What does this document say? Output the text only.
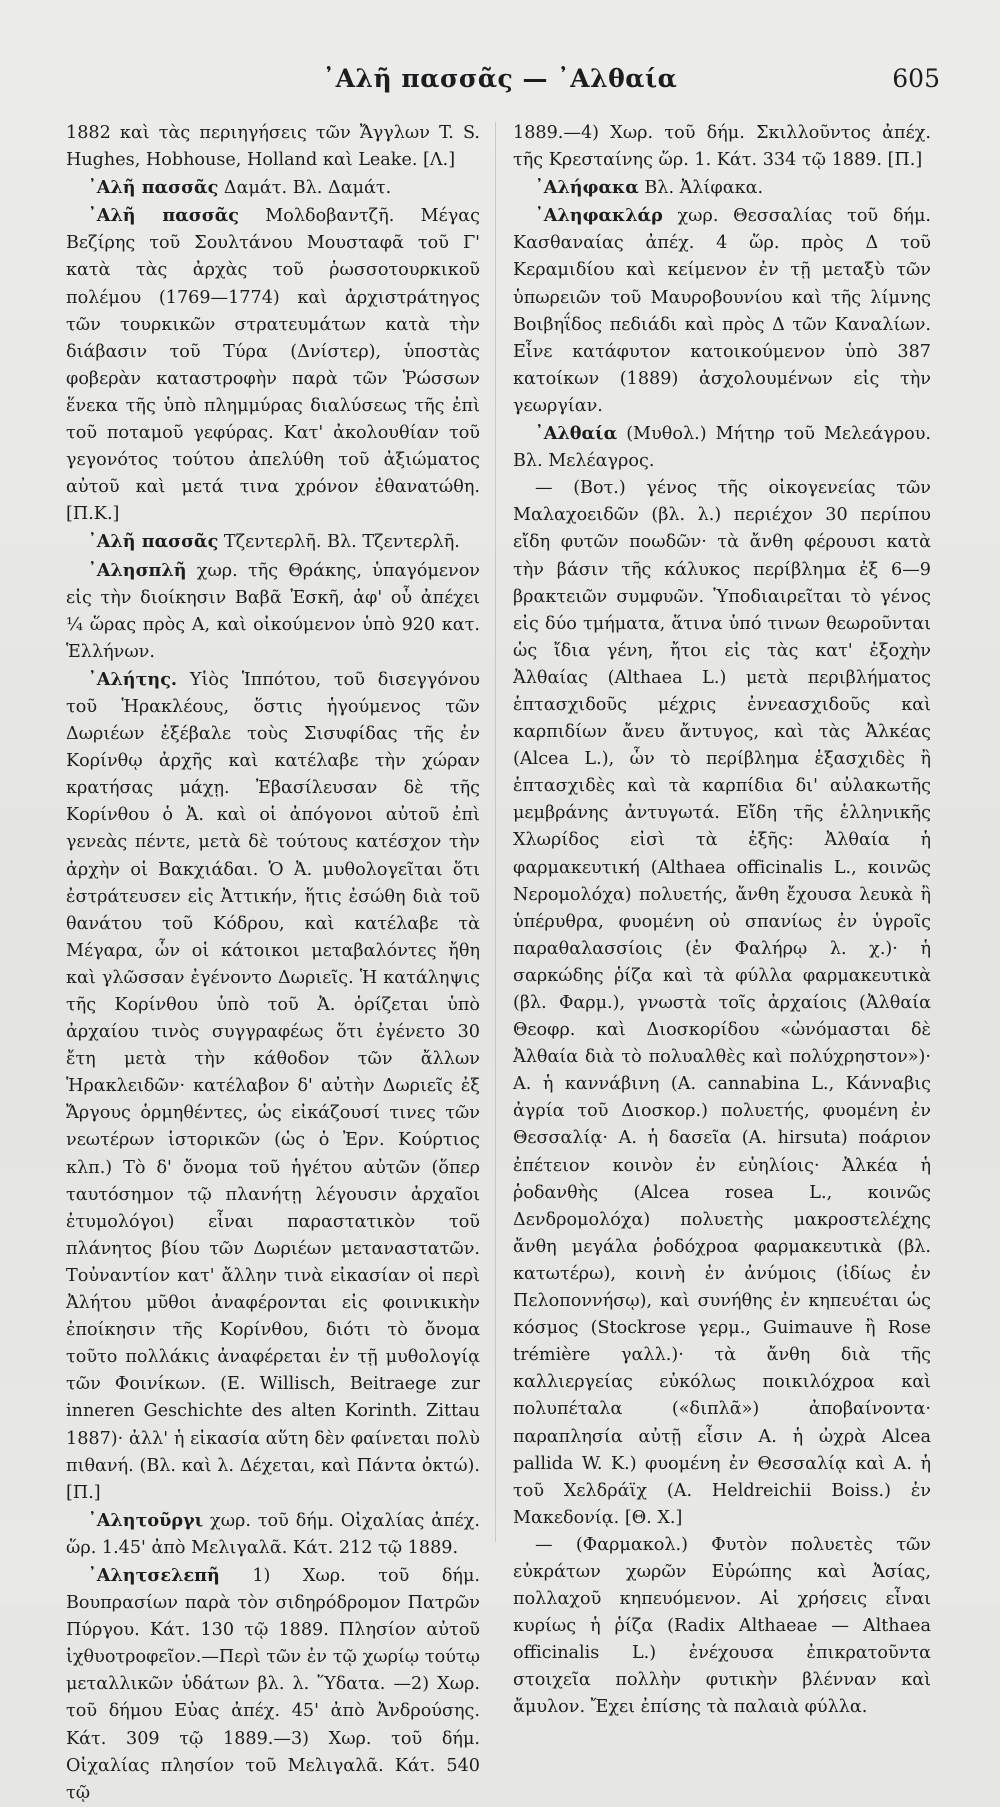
᾿Αλῆ πασσᾶς — ᾿Αλθαία	605

1882 καὶ τὰς περιηγήσεις τῶν Ἄγγλων T. S. Hughes, Hobhouse, Holland καὶ Leake. [Λ.]

᾿Αλῆ πασσᾶς Δαμάτ. Βλ. Δαμάτ.

᾿Αλῆ πασσᾶς Μολδοβαντζῆ. Μέγας Βεζίρης τοῦ Σουλτάνου Μουσταφᾶ τοῦ Γ' κατὰ τὰς ἀρχὰς τοῦ ῥωσσοτουρκικοῦ πολέμου (1769—1774) καὶ ἀρχιστράτηγος τῶν τουρκικῶν στρατευμάτων κατὰ τὴν διάβασιν τοῦ Τύρα (Δνίστερ), ὑποστὰς φοβερὰν καταστροφὴν παρὰ τῶν Ῥώσσων ἕνεκα τῆς ὑπὸ πλημμύρας διαλύσεως τῆς ἐπὶ τοῦ ποταμοῦ γεφύρας. Κατ' ἀκολουθίαν τοῦ γεγονότος τούτου ἀπελύθη τοῦ ἀξιώματος αὐτοῦ καὶ μετά τινα χρόνον ἐθανατώθη. [Π.Κ.]

᾿Αλῆ πασσᾶς Τζεντερλῆ. Βλ. Τζεντερλῆ.

᾿Αλησπλῆ χωρ. τῆς Θράκης, ὑπαγόμενον εἰς τὴν διοίκησιν Βαβᾶ Ἐσκῆ, ἀφ' οὗ ἀπέχει ¼ ὥρας πρὸς Α, καὶ οἰκούμενον ὑπὸ 920 κατ. Ἑλλήνων.

᾿Αλήτης. Υἱὸς Ἱππότου, τοῦ δισεγγόνου τοῦ Ἡρακλέους, ὅστις ἡγούμενος τῶν Δωριέων ἐξέβαλε τοὺς Σισυφίδας τῆς ἐν Κορίνθῳ ἀρχῆς καὶ κατέλαβε τὴν χώραν κρατήσας μάχῃ. Ἐβασίλευσαν δὲ τῆς Κορίνθου ὁ Ἀ. καὶ οἱ ἀπόγονοι αὐτοῦ ἐπὶ γενεὰς πέντε, μετὰ δὲ τούτους κατέσχον τὴν ἀρχὴν οἱ Βακχιάδαι. Ὁ Ἀ. μυθολογεῖται ὅτι ἐστράτευσεν εἰς Ἀττικήν, ἥτις ἐσώθη διὰ τοῦ θανάτου τοῦ Κόδρου, καὶ κατέλαβε τὰ Μέγαρα, ὧν οἱ κάτοικοι μεταβαλόντες ἤθη καὶ γλῶσσαν ἐγένοντο Δωριεῖς. Ἡ κατάληψις τῆς Κορίνθου ὑπὸ τοῦ Ἀ. ὁρίζεται ὑπὸ ἀρχαίου τινὸς συγγραφέως ὅτι ἐγένετο 30 ἔτη μετὰ τὴν κάθοδον τῶν ἄλλων Ἡρακλειδῶν· κατέλαβον δ' αὐτὴν Δωριεῖς ἐξ Ἄργους ὁρμηθέντες, ὡς εἰκάζουσί τινες τῶν νεωτέρων ἱστορικῶν (ὡς ὁ Ἐρν. Κούρτιος κλπ.) Τὸ δ' ὄνομα τοῦ ἡγέτου αὐτῶν (ὅπερ ταυτόσημον τῷ πλανήτῃ λέγουσιν ἀρχαῖοι ἐτυμολόγοι) εἶναι παραστατικὸν τοῦ πλάνητος βίου τῶν Δωριέων μεταναστατῶν. Τοὐναντίον κατ' ἄλλην τινὰ εἰκασίαν οἱ περὶ Ἀλήτου μῦθοι ἀναφέρονται εἰς φοινικικὴν ἐποίκησιν τῆς Κορίνθου, διότι τὸ ὄνομα τοῦτο πολλάκις ἀναφέρεται ἐν τῇ μυθολογίᾳ τῶν Φοινίκων. (E. Willisch, Beitraege zur inneren Geschichte des alten Korinth. Zittau 1887)· ἀλλ' ἡ εἰκασία αὕτη δὲν φαίνεται πολὺ πιθανή. (Βλ. καὶ λ. Δέχεται, καὶ Πάντα ὀκτώ). [Π.]

᾿Αλητοῦργι χωρ. τοῦ δήμ. Οἰχαλίας ἀπέχ. ὥρ. 1.45' ἀπὸ Μελιγαλᾶ. Κάτ. 212 τῷ 1889.

᾿Αλητσελεπῆ 1) Χωρ. τοῦ δήμ. Βουπρασίων παρὰ τὸν σιδηρόδρομον Πατρῶν Πύργου. Κάτ. 130 τῷ 1889. Πλησίον αὐτοῦ ἰχθυοτροφεῖον.—Περὶ τῶν ἐν τῷ χωρίῳ τούτῳ μεταλλικῶν ὑδάτων βλ. λ. Ὕδατα. —2) Χωρ. τοῦ δήμου Εὐας ἀπέχ. 45' ἀπὸ Ἀνδρούσης. Κάτ. 309 τῷ 1889.—3) Χωρ. τοῦ δήμ. Οἰχαλίας πλησίον τοῦ Μελιγαλᾶ. Κάτ. 540 τῷ

1889.—4) Χωρ. τοῦ δήμ. Σκιλλοῦντος ἀπέχ. τῆς Κρεσταίνης ὥρ. 1. Κάτ. 334 τῷ 1889. [Π.]

᾿Αλήφακα Βλ. Ἀλίφακα.

᾿Αληφακλάρ χωρ. Θεσσαλίας τοῦ δήμ. Κασθαναίας ἀπέχ. 4 ὥρ. πρὸς Δ τοῦ Κεραμιδίου καὶ κείμενον ἐν τῇ μεταξὺ τῶν ὑπωρειῶν τοῦ Μαυροβουνίου καὶ τῆς λίμνης Βοιβηΐδος πεδιάδι καὶ πρὸς Δ τῶν Καναλίων. Εἶνε κατάφυτον κατοικούμενον ὑπὸ 387 κατοίκων (1889) ἀσχολουμένων εἰς τὴν γεωργίαν.

᾿Αλθαία (Μυθολ.) Μήτηρ τοῦ Μελεάγρου. Βλ. Μελέαγρος.

— (Βοτ.) γένος τῆς οἰκογενείας τῶν Μαλαχοειδῶν (βλ. λ.) περιέχον 30 περίπου εἴδη φυτῶν ποωδῶν· τὰ ἄνθη φέρουσι κατὰ τὴν βάσιν τῆς κάλυκος περίβλημα ἐξ 6—9 βρακτειῶν συμφυῶν. Ὑποδιαιρεῖται τὸ γένος εἰς δύο τμήματα, ἅτινα ὑπό τινων θεωροῦνται ὡς ἴδια γένη, ἤτοι εἰς τὰς κατ' ἐξοχὴν Ἀλθαίας (Althaea L.) μετὰ περιβλήματος ἑπτασχιδοῦς μέχρις ἐννεασχιδοῦς καὶ καρπιδίων ἄνευ ἄντυγος, καὶ τὰς Ἀλκέας (Alcea L.), ὧν τὸ περίβλημα ἑξασχιδὲς ἢ ἑπτασχιδὲς καὶ τὰ καρπίδια δι' αὐλακωτῆς μεμβράνης ἀντυγωτά. Εἴδη τῆς ἑλληνικῆς Χλωρίδος εἰσὶ τὰ ἑξῆς: Ἀλθαία ἡ φαρμακευτική (Althaea officinalis L., κοινῶς Νερομολόχα) πολυετής, ἄνθη ἔχουσα λευκὰ ἢ ὑπέρυθρα, φυομένη οὐ σπανίως ἐν ὑγροῖς παραθαλασσίοις (ἐν Φαλήρῳ λ. χ.)· ἡ σαρκώδης ῥίζα καὶ τὰ φύλλα φαρμακευτικὰ (βλ. Φαρμ.), γνωστὰ τοῖς ἀρχαίοις (Ἀλθαία Θεοφρ. καὶ Διοσκορίδου «ὠνόμασται δὲ Ἀλθαία διὰ τὸ πολυαλθὲς καὶ πολύχρηστον»)· Α. ἡ καννάβινη (A. cannabina L., Κάνναβις ἀγρία τοῦ Διοσκορ.) πολυετής, φυομένη ἐν Θεσσαλίᾳ· Α. ἡ δασεῖα (A. hirsuta) ποάριον ἐπέτειον κοινὸν ἐν εὐηλίοις· Ἀλκέα ἡ ῥοδανθὴς (Alcea rosea L., κοινῶς Δενδρομολόχα) πολυετὴς μακροστελέχης ἄνθη μεγάλα ῥοδόχροα φαρμακευτικὰ (βλ. κατωτέρω), κοινὴ ἐν ἀνύμοις (ἰδίως ἐν Πελοποννήσῳ), καὶ συνήθης ἐν κηπευέται ὡς κόσμος (Stockrose γερμ., Guimauve ἢ Rose trémière γαλλ.)· τὰ ἄνθη διὰ τῆς καλλιεργείας εὐκόλως ποικιλόχροα καὶ πολυπέταλα («διπλᾶ») ἀποβαίνοντα· παραπλησία αὐτῇ εἶσιν Α. ἡ ὠχρὰ Alcea pallida W. K.) φυομένη ἐν Θεσσαλίᾳ καὶ Α. ἡ τοῦ Χελδράϊχ (A. Heldreichii Boiss.) ἐν Μακεδονίᾳ. [Θ. Χ.]

— (Φαρμακολ.) Φυτὸν πολυετὲς τῶν εὐκράτων χωρῶν Εὐρώπης καὶ Ἀσίας, πολλαχοῦ κηπευόμενον. Αἱ χρήσεις εἶναι κυρίως ἡ ῥίζα (Radix Althaeae — Althaea officinalis L.) ἐνέχουσα ἐπικρατοῦντα στοιχεῖα πολλὴν φυτικὴν βλένναν καὶ ἄμυλον. Ἔχει ἐπίσης τὰ παλαιὰ φύλλα.
